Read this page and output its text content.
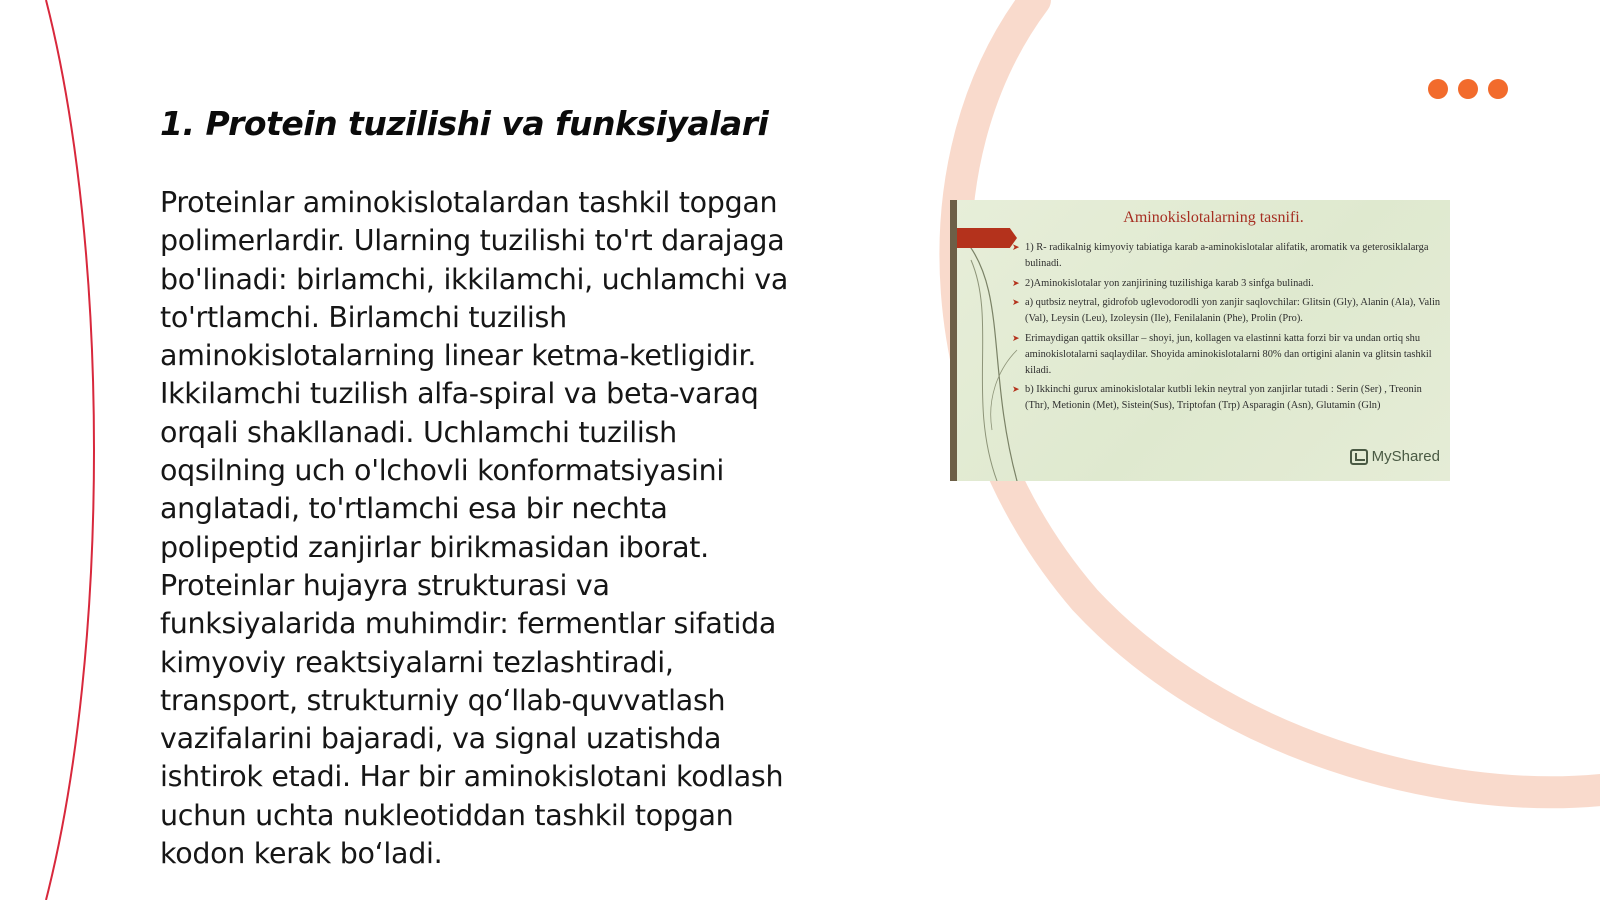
1. Protein tuzilishi va funksiyalari
Proteinlar aminokislotalardan tashkil topgan
polimerlardir. Ularning tuzilishi to'rt darajaga
bo'linadi: birlamchi, ikkilamchi, uchlamchi va
to'rtlamchi. Birlamchi tuzilish
aminokislotalarning linear ketma-ketligidir.
Ikkilamchi tuzilish alfa-spiral va beta-varaq
orqali shakllanadi. Uchlamchi tuzilish
oqsilning uch o'lchovli konformatsiyasini
anglatadi, to'rtlamchi esa bir nechta
polipeptid zanjirlar birikmasidan iborat.
Proteinlar hujayra strukturasi va
funksiyalarida muhimdir: fermentlar sifatida
kimyoviy reaktsiyalarni tezlashtiradi,
transport, strukturniy qo‘llab-quvvatlash
vazifalarini bajaradi, va signal uzatishda
ishtirok etadi. Har bir aminokislotani kodlash
uchun uchta nukleotiddan tashkil topgan
kodon kerak bo‘ladi.
Aminokislotalarning tasnifi.
➤ 1) R- radikalnig kimyoviy tabiatiga karab a-aminokislotalar alifatik, aromatik va geterosiklalarga bulinadi.
➤ 2)Aminokislotalar yon zanjirining tuzilishiga karab 3 sinfga bulinadi.
➤ a) qutbsiz neytral, gidrofob uglevodorodli yon zanjir saqlovchilar: Glitsin (Gly), Alanin (Ala), Valin (Val), Leysin (Leu), Izoleysin (Ile), Fenilalanin (Phe), Prolin (Pro).
➤ Erimaydigan qattik oksillar – shoyi, jun, kollagen va elastinni katta forzi bir va undan ortiq shu aminokislotalarni saqlaydilar. Shoyida aminokislotalarni 80% dan ortigini alanin va glitsin tashkil kiladi.
➤ b) Ikkinchi gurux aminokislotalar kutbli lekin neytral yon zanjirlar tutadi : Serin (Ser) , Treonin (Thr), Metionin (Met), Sistein(Sus), Triptofan (Trp) Asparagin (Asn), Glutamin (Gln)
MyShared
